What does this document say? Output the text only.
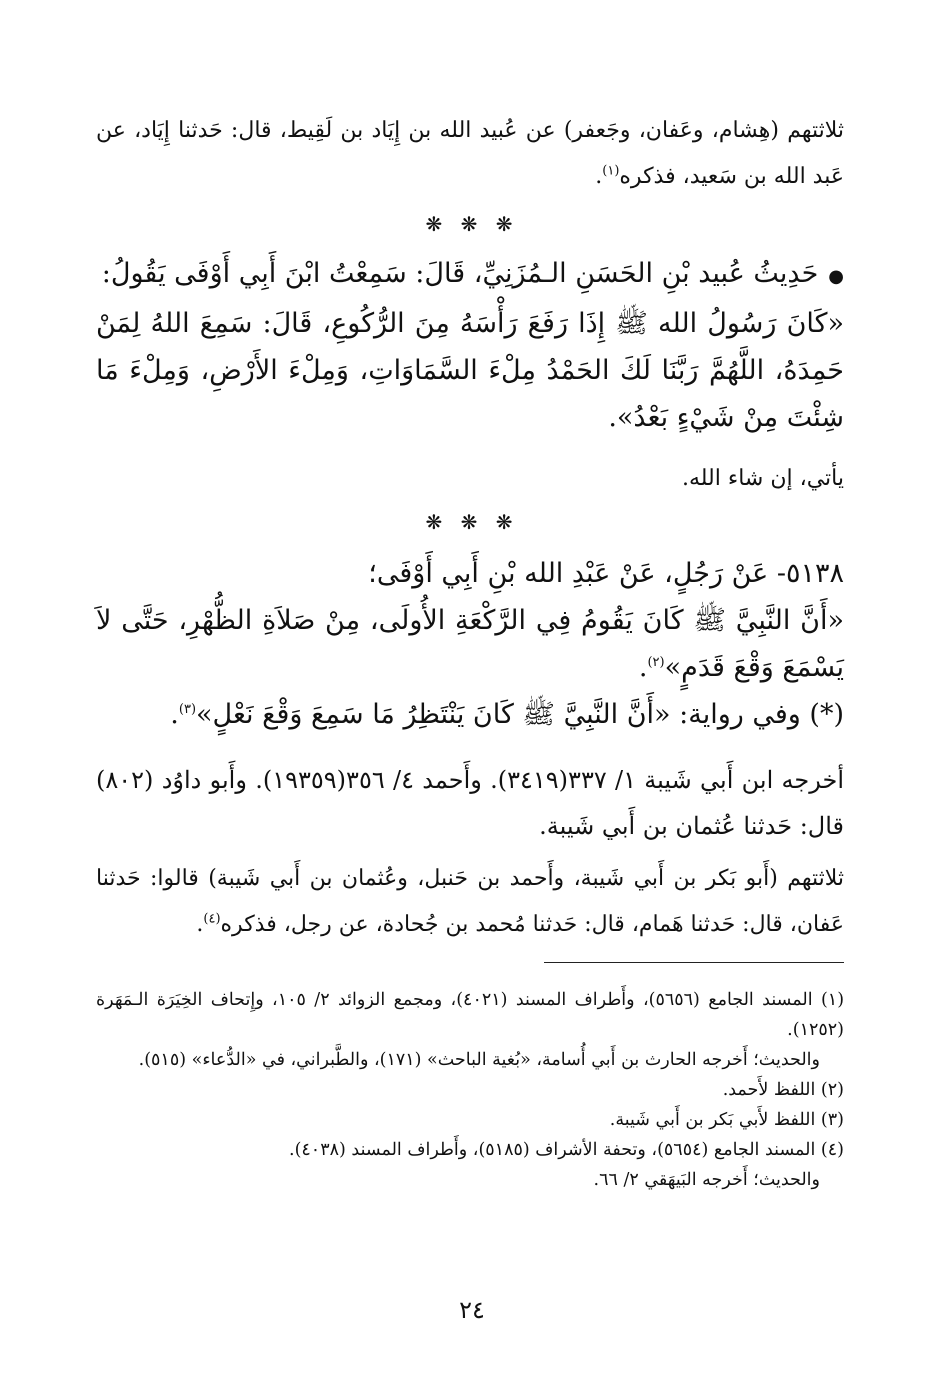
ثلاثتهم (هِشام، وعَفان، وجَعفر) عن عُبيد الله بن إِيَاد بن لَقِيط، قال: حَدثنا إِيَاد، عن عَبد الله بن سَعيد، فذكره$^{(١)}$.

❋ ❋ ❋

●حَدِيثُ عُبيد بْنِ الحَسَنِ الـمُزَنِيِّ، قَالَ: سَمِعْتُ ابْنَ أَبِي أَوْفَى يَقُولُ:

«كَانَ رَسُولُ الله ﷺ إِذَا رَفَعَ رَأْسَهُ مِنَ الرُّكُوعِ، قَالَ: سَمِعَ اللهُ لِمَنْ حَمِدَهُ، اللَّهُمَّ رَبَّنَا لَكَ الحَمْدُ مِلْءَ السَّمَاوَاتِ، وَمِلْءَ الأَرْضِ، وَمِلْءَ مَا شِئْتَ مِنْ شَيْءٍ بَعْدُ».

يأتي، إن شاء الله.

❋ ❋ ❋

٥١٣٨- عَنْ رَجُلٍ، عَنْ عَبْدِ الله بْنِ أَبِي أَوْفَى؛

«أَنَّ النَّبِيَّ ﷺ كَانَ يَقُومُ فِي الرَّكْعَةِ الأُولَى، مِنْ صَلاَةِ الظُّهْرِ، حَتَّى لاَ يَسْمَعَ وَقْعَ قَدَمٍ»$^{(٢)}$.

(*) وفي رواية: «أَنَّ النَّبِيَّ ﷺ كَانَ يَنْتَظِرُ مَا سَمِعَ وَقْعَ نَعْلٍ»$^{(٣)}$.

أخرجه ابن أَبي شَيبة ١/ ٣٣٧(٣٤١٩). وأَحمد ٤/ ٣٥٦(١٩٣٥٩). وأَبو داوُد (٨٠٢) قال: حَدثنا عُثمان بن أَبي شَيبة.

ثلاثتهم (أَبو بَكر بن أَبي شَيبة، وأَحمد بن حَنبل، وعُثمان بن أَبي شَيبة) قالوا: حَدثنا عَفان، قال: حَدثنا هَمام، قال: حَدثنا مُحمد بن جُحادة، عن رجل، فذكره$^{(٤)}$.

(١) المسند الجامع (٥٦٥٦)، وأَطراف المسند (٤٠٢١)، ومجمع الزوائد ٢/ ١٠٥، وإِتحاف الخِيَرَة الـمَهَرة (١٢٥٢).

والحديث؛ أَخرجه الحارث بن أَبي أُسامة، «بُغية الباحث» (١٧١)، والطَّبراني، في «الدُّعاء» (٥١٥).

(٢) اللفظ لأَحمد.

(٣) اللفظ لأَبي بَكر بن أَبي شَيبة.

(٤) المسند الجامع (٥٦٥٤)، وتحفة الأشراف (٥١٨٥)، وأَطراف المسند (٤٠٣٨).

والحديث؛ أَخرجه البَيهَقي ٢/ ٦٦.

٢٤
